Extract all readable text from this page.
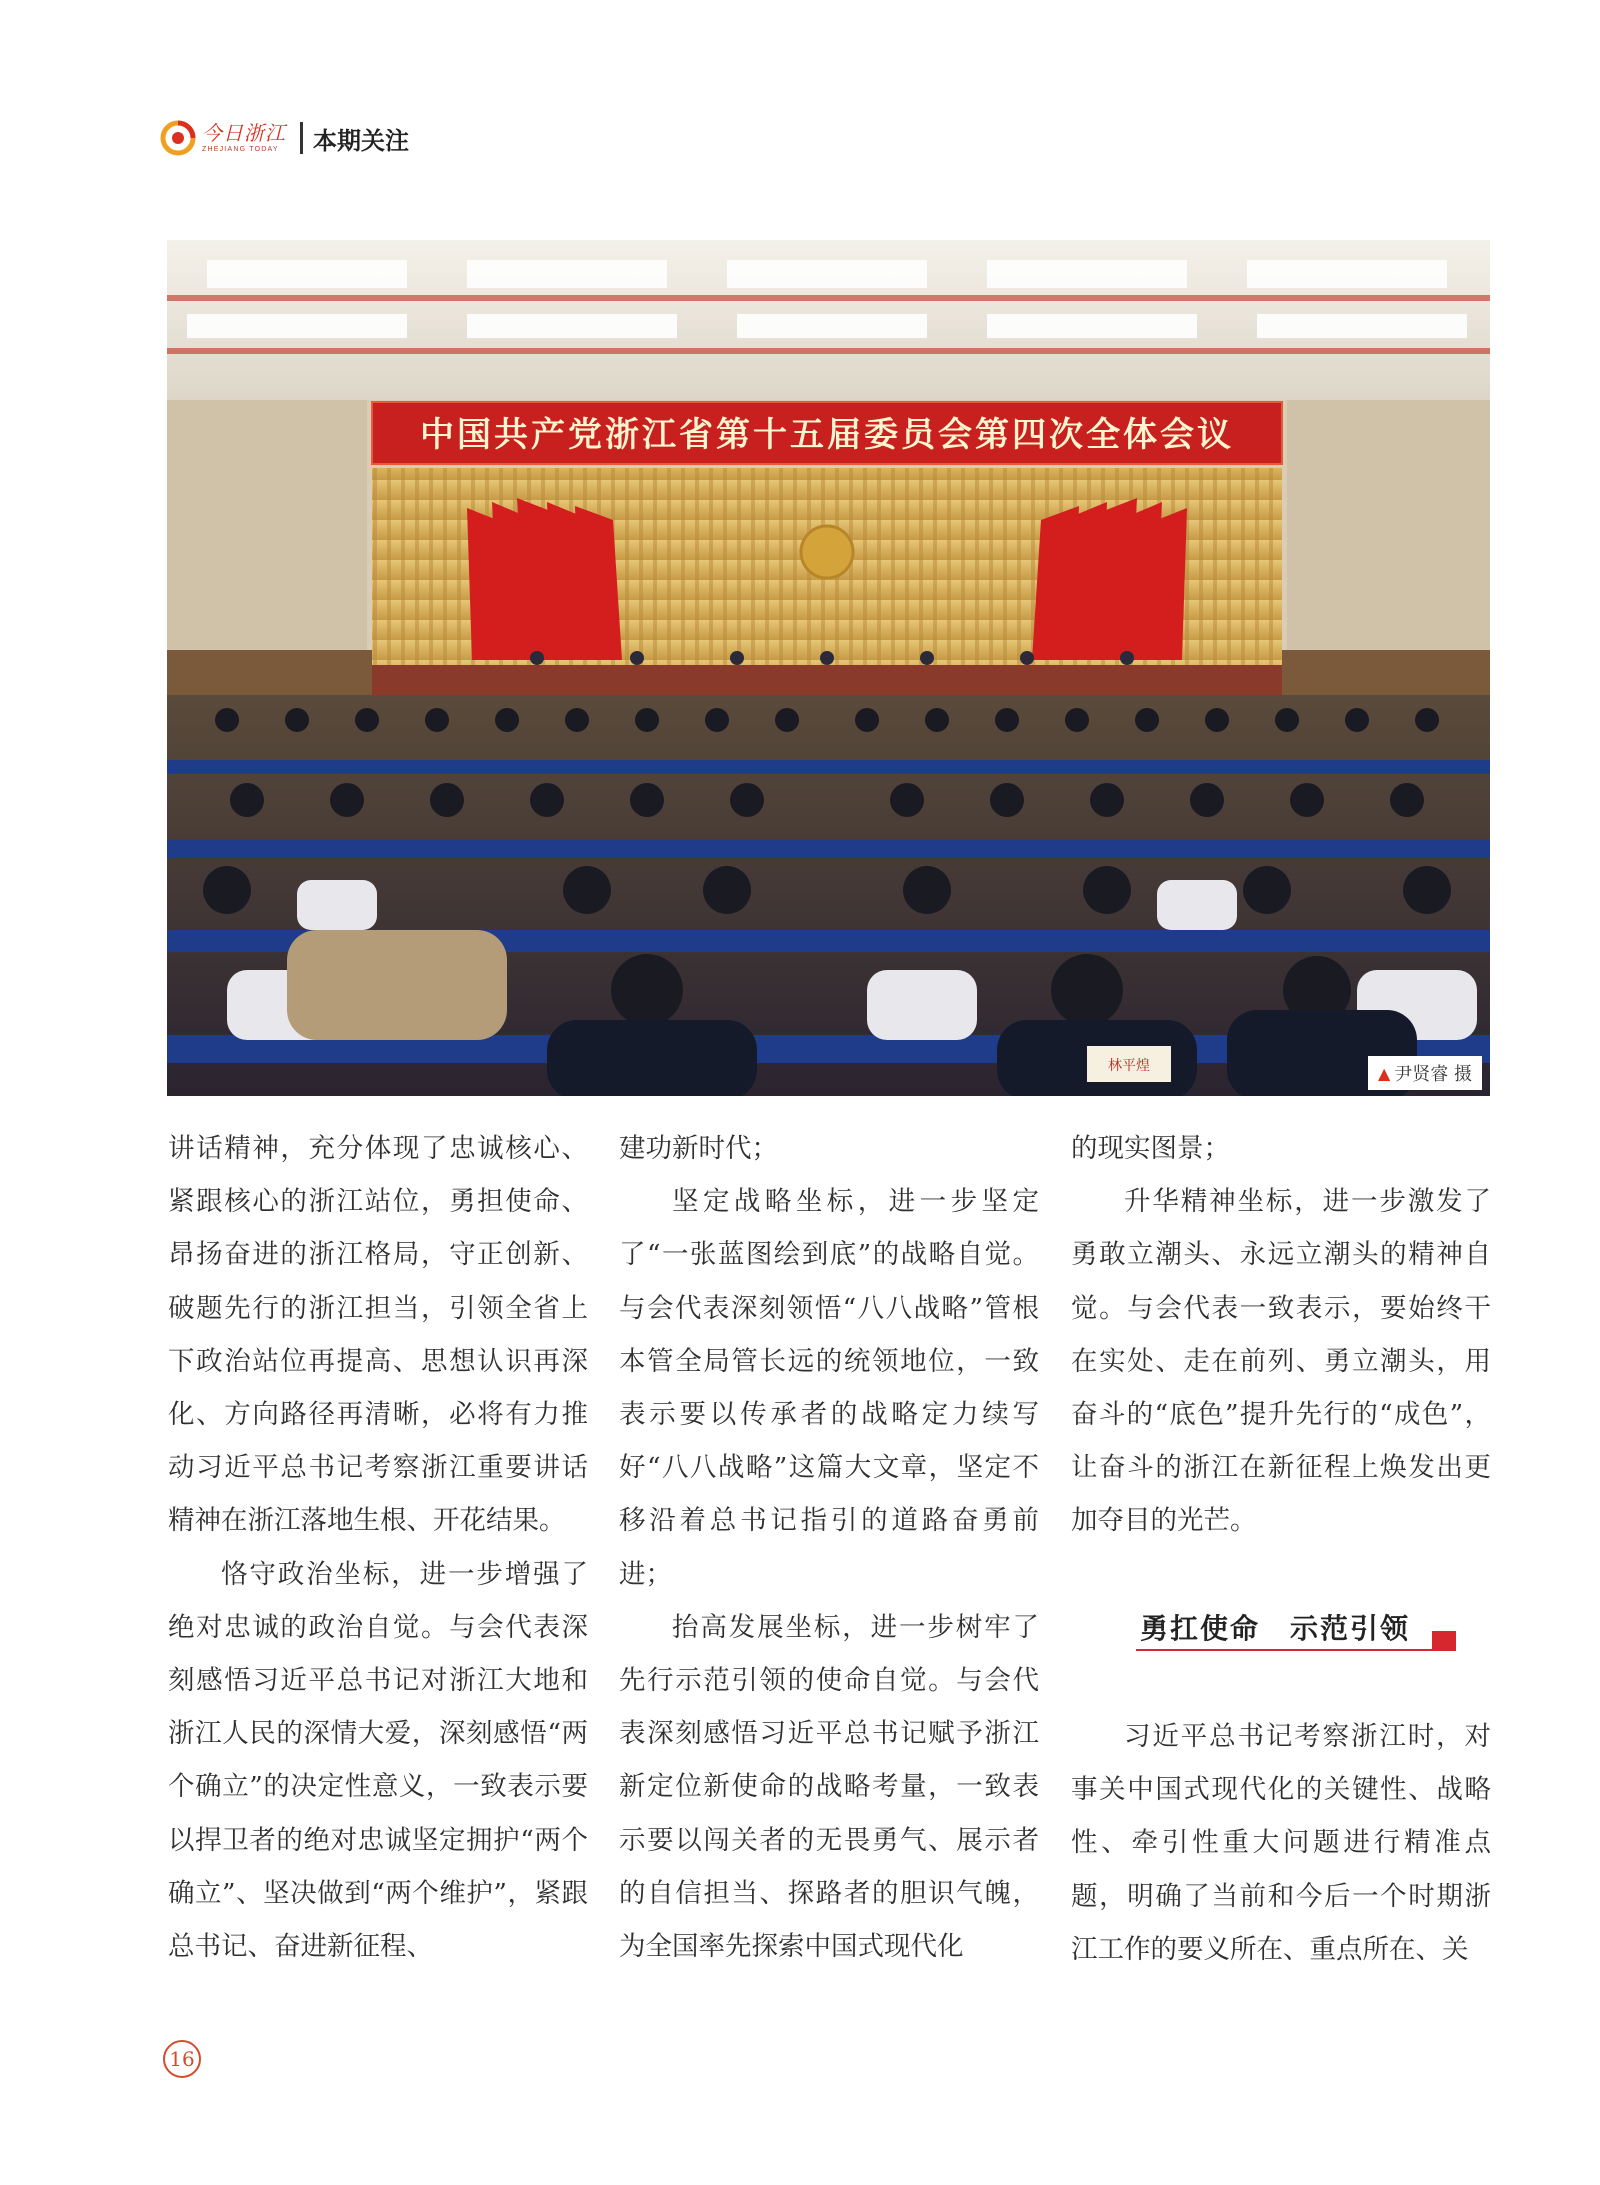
今日浙江
ZHEJIANG TODAY	本期关注
中国共产党浙江省第十五届委员会第四次全体会议
林平煌	▲ 尹贤睿 摄

讲话精神，充分体现了忠诚核心、紧跟核心的浙江站位，勇担使命、昂扬奋进的浙江格局，守正创新、破题先行的浙江担当，引领全省上下政治站位再提高、思想认识再深化、方向路径再清晰，必将有力推动习近平总书记考察浙江重要讲话精神在浙江落地生根、开花结果。

恪守政治坐标，进一步增强了绝对忠诚的政治自觉。与会代表深刻感悟习近平总书记对浙江大地和浙江人民的深情大爱，深刻感悟“两个确立”的决定性意义，一致表示要以捍卫者的绝对忠诚坚定拥护“两个确立”、坚决做到“两个维护”，紧跟总书记、奋进新征程、

建功新时代；

坚定战略坐标，进一步坚定了“一张蓝图绘到底”的战略自觉。与会代表深刻领悟“八八战略”管根本管全局管长远的统领地位，一致表示要以传承者的战略定力续写好“八八战略”这篇大文章，坚定不移沿着总书记指引的道路奋勇前进；

抬高发展坐标，进一步树牢了先行示范引领的使命自觉。与会代表深刻感悟习近平总书记赋予浙江新定位新使命的战略考量，一致表示要以闯关者的无畏勇气、展示者的自信担当、探路者的胆识气魄，为全国率先探索中国式现代化

的现实图景；

升华精神坐标，进一步激发了勇敢立潮头、永远立潮头的精神自觉。与会代表一致表示，要始终干在实处、走在前列、勇立潮头，用奋斗的“底色”提升先行的“成色”，让奋斗的浙江在新征程上焕发出更加夺目的光芒。

勇扛使命　示范引领

习近平总书记考察浙江时，对事关中国式现代化的关键性、战略性、牵引性重大问题进行精准点题，明确了当前和今后一个时期浙江工作的要义所在、重点所在、关

16
